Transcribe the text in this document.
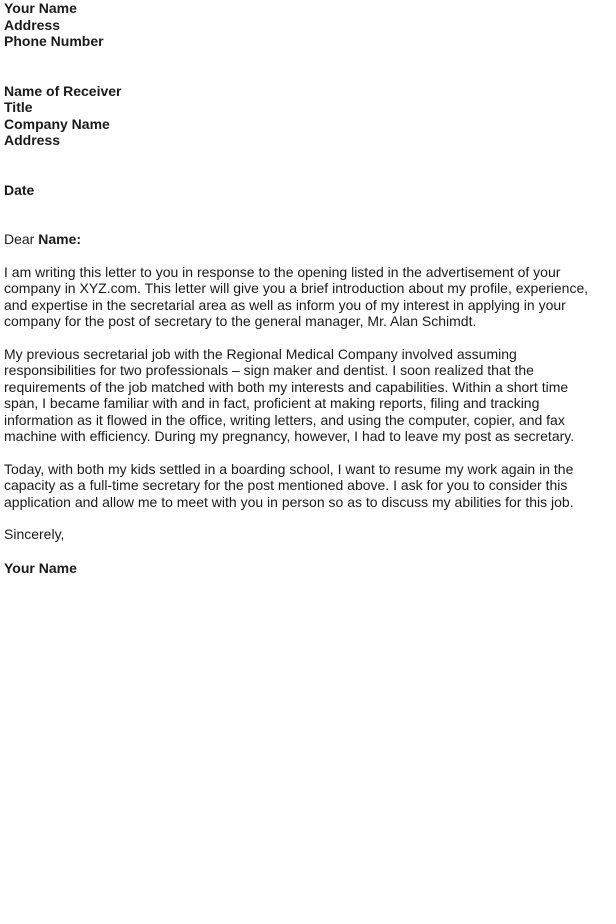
Your Name
Address
Phone Number
Name of Receiver
Title
Company Name
Address
Date
Dear Name:
I am writing this letter to you in response to the opening listed in the advertisement of your
company in XYZ.com. This letter will give you a brief introduction about my profile, experience,
and expertise in the secretarial area as well as inform you of my interest in applying in your
company for the post of secretary to the general manager, Mr. Alan Schimdt.
My previous secretarial job with the Regional Medical Company involved assuming
responsibilities for two professionals – sign maker and dentist. I soon realized that the
requirements of the job matched with both my interests and capabilities. Within a short time
span, I became familiar with and in fact, proficient at making reports, filing and tracking
information as it flowed in the office, writing letters, and using the computer, copier, and fax
machine with efficiency. During my pregnancy, however, I had to leave my post as secretary.
Today, with both my kids settled in a boarding school, I want to resume my work again in the
capacity as a full-time secretary for the post mentioned above. I ask for you to consider this
application and allow me to meet with you in person so as to discuss my abilities for this job.
Sincerely,
Your Name
